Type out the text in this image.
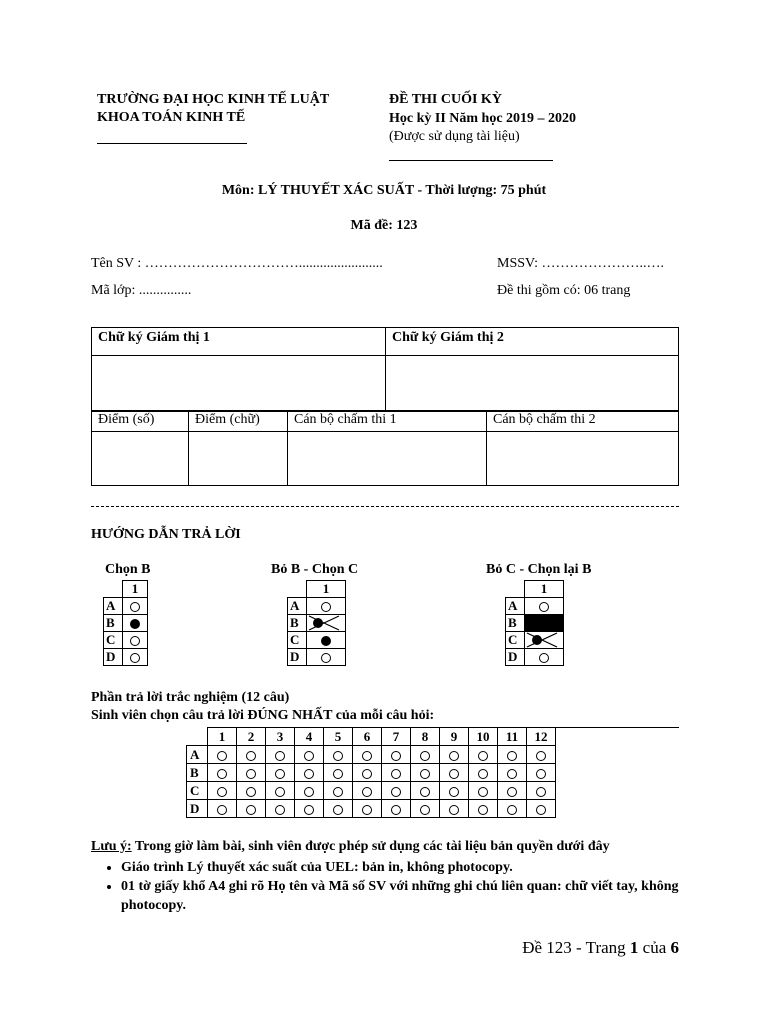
TRƯỜNG ĐẠI HỌC KINH TẾ LUẬT
KHOA TOÁN KINH TẾ
ĐỀ THI CUỐI KỲ
Học kỳ II Năm học 2019 – 2020
(Được sử dụng tài liệu)
Môn: LÝ THUYẾT XÁC SUẤT - Thời lượng: 75 phút
Mã đề: 123
Tên SV : ……………………………........................	MSSV: …………………..….
Mã lớp: ...............	Đề thi gồm có: 06 trang
Chữ ký Giám thị 1	Chữ ký Giám thị 2

Điểm (số)	Điểm (chữ)	Cán bộ chấm thi 1	Cán bộ chấm thi 2

HƯỚNG DẪN TRẢ LỜI
Chọn B
	1
A	
B	
C	
D	
Bỏ B - Chọn C
	1
A	
B	

C	
D	
Bỏ C - Chọn lại B
	1
A	
B	
C	

D	
Phần trả lời trắc nghiệm (12 câu)
Sinh viên chọn câu trả lời ĐÚNG NHẤT của mỗi câu hỏi:
	1	2	3	4	5	6	7	8	9	10	11	12
A												
B												
C												
D												
Lưu ý: Trong giờ làm bài, sinh viên được phép sử dụng các tài liệu bản quyền dưới đây
• Giáo trình Lý thuyết xác suất của UEL: bản in, không photocopy.
• 01 tờ giấy khổ A4 ghi rõ Họ tên và Mã số SV với những ghi chú liên quan: chữ viết tay, không photocopy.
Đề 123 - Trang 1 của 6
